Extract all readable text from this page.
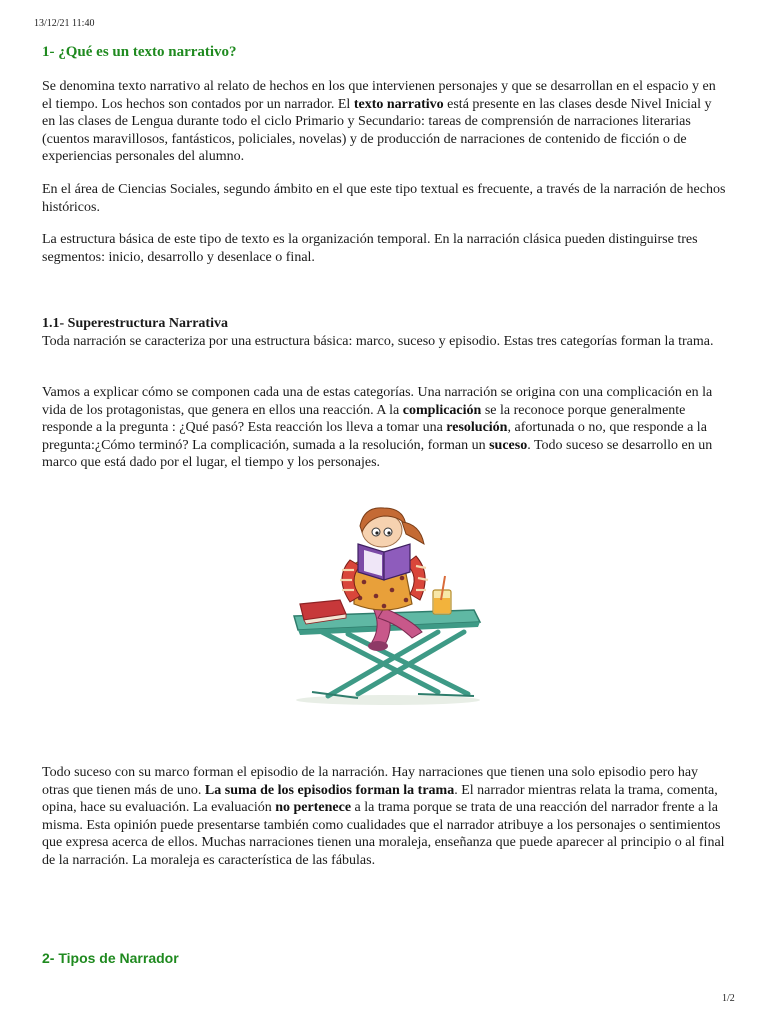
13/12/21 11:40
1- ¿Qué es un texto narrativo?

Se denomina texto narrativo al relato de hechos en los que intervienen personajes y que se desarrollan en el espacio y en el tiempo. Los hechos son contados por un narrador. El texto narrativo está presente en las clases desde Nivel Inicial y en las clases de Lengua durante todo el ciclo Primario y Secundario: tareas de comprensión de narraciones literarias (cuentos maravillosos, fantásticos, policiales, novelas) y de producción de narraciones de contenido de ficción o de experiencias personales del alumno.

En el área de Ciencias Sociales, segundo ámbito en el que este tipo textual es frecuente, a través de la narración de hechos históricos.

La estructura básica de este tipo de texto es la organización temporal. En la narración clásica pueden distinguirse tres segmentos: inicio, desarrollo y desenlace o final.

1.1- Superestructura Narrativa
Toda narración se caracteriza por una estructura básica: marco, suceso y episodio. Estas tres categorías forman la trama.

Vamos a explicar cómo se componen cada una de estas categorías. Una narración se origina con una complicación en la vida de los protagonistas, que genera en ellos una reacción. A la complicación se la reconoce porque generalmente responde a la pregunta : ¿Qué pasó? Esta reacción los lleva a tomar una resolución, afortunada o no, que responde a la pregunta:¿Cómo terminó? La complicación, sumada a la resolución, forman un suceso. Todo suceso se desarrollo en un marco que está dado por el lugar, el tiempo y los personajes.

Todo suceso con su marco forman el episodio de la narración. Hay narraciones que tienen una solo episodio pero hay otras que tienen más de uno. La suma de los episodios forman la trama. El narrador mientras relata la trama, comenta, opina, hace su evaluación. La evaluación no pertenece a la trama porque se trata de una reacción del narrador frente a la misma. Esta opinión puede presentarse también como cualidades que el narrador atribuye a los personajes o sentimientos que expresa acerca de ellos. Muchas narraciones tienen una moraleja, enseñanza que puede aparecer al principio o al final de la narración. La moraleja es característica de las fábulas.

2- Tipos de Narrador
1/2
